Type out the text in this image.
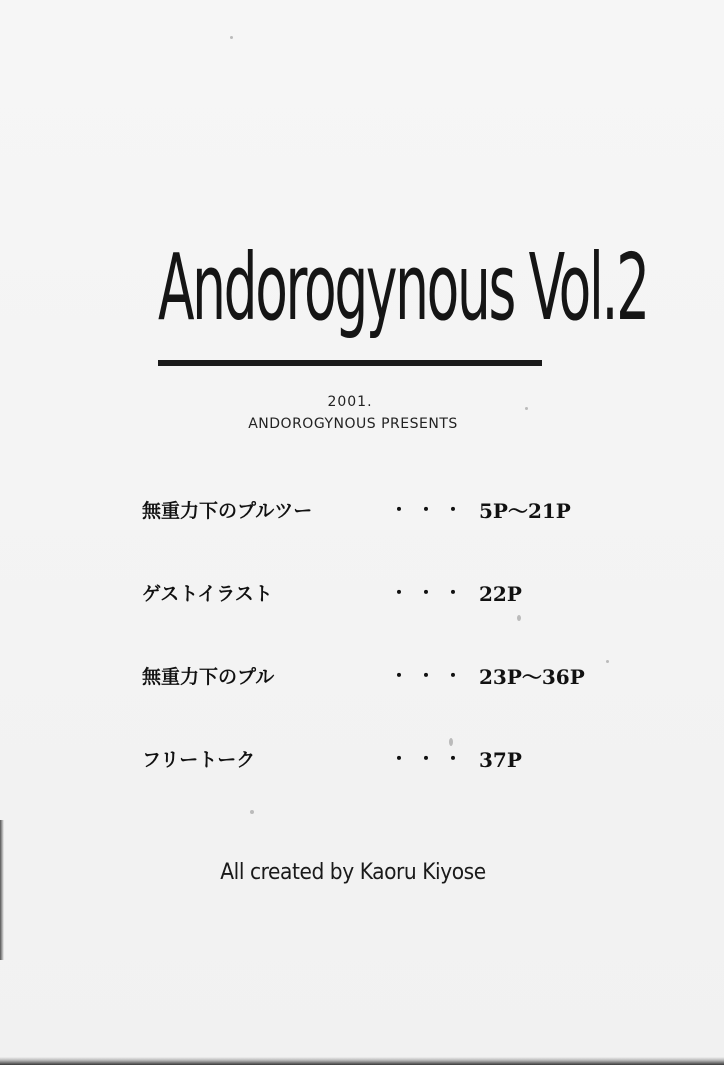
Andorogynous Vol.2
2001.
ANDOROGYNOUS PRESENTS
無重力下のプルツー	・・・ 5P～21P
ゲストイラスト	・・・ 22P
無重力下のプル	・・・ 23P～36P
フリートーク	・・・ 37P
All created by Kaoru Kiyose
